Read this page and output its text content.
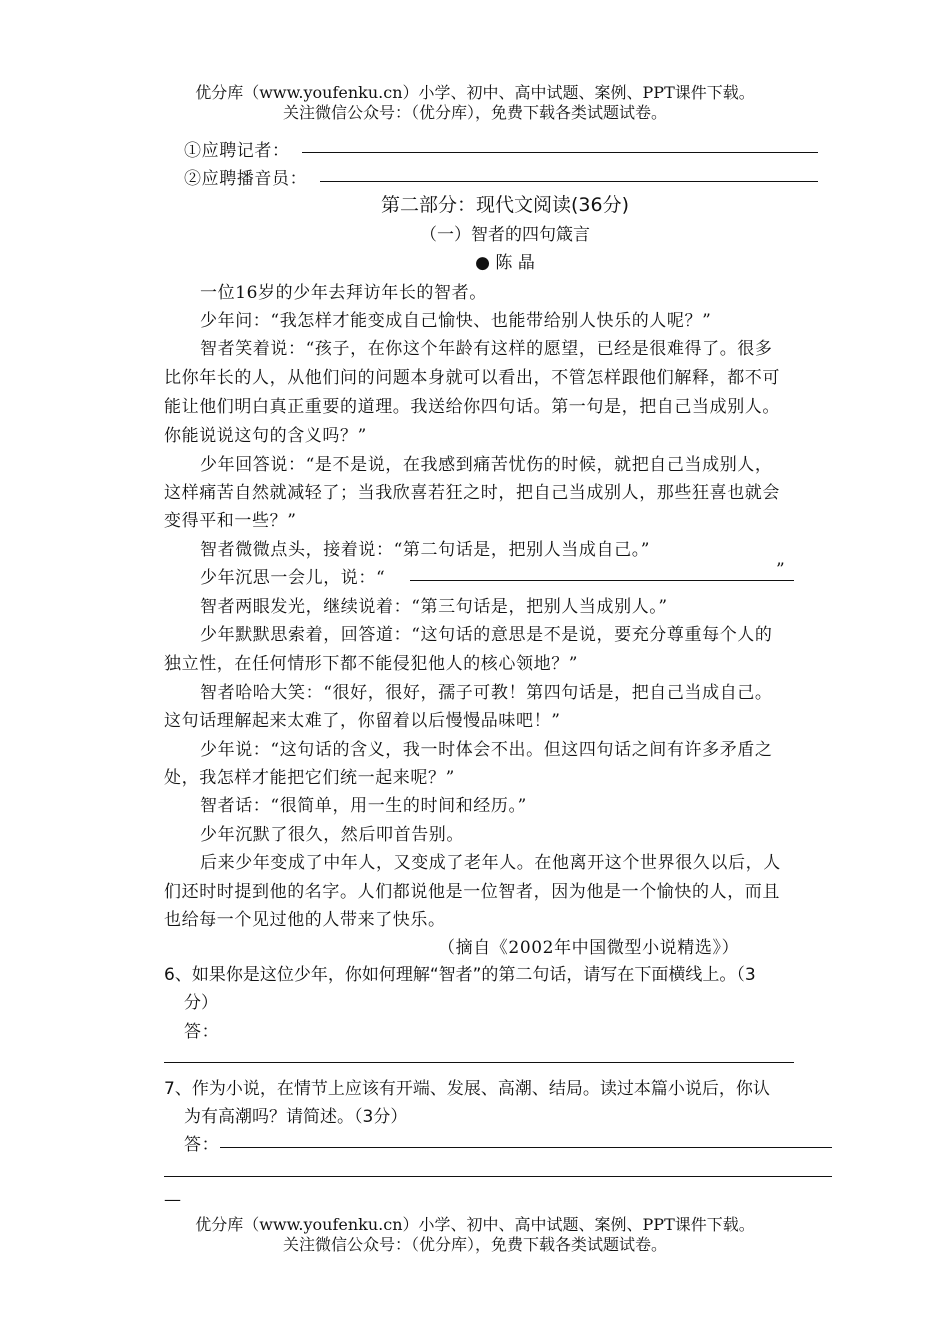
优分库（www.youfenku.cn）小学、初中、高中试题、案例、PPT课件下载。
关注微信公众号：（优分库），免费下载各类试题试卷。
①应聘记者：
②应聘播音员：
第二部分：现代文阅读(36分)
（一）智者的四句箴言
● 陈 晶
一位16岁的少年去拜访年长的智者。
少年问：“我怎样才能变成自己愉快、也能带给别人快乐的人呢？”
智者笑着说：“孩子，在你这个年龄有这样的愿望，已经是很难得了。很多
比你年长的人，从他们问的问题本身就可以看出，不管怎样跟他们解释，都不可
能让他们明白真正重要的道理。我送给你四句话。第一句是，把自己当成别人。
你能说说这句的含义吗？”
少年回答说：“是不是说，在我感到痛苦忧伤的时候，就把自己当成别人，
这样痛苦自然就减轻了；当我欣喜若狂之时，把自己当成别人，那些狂喜也就会
变得平和一些？”
智者微微点头，接着说：“第二句话是，把别人当成自己。”
少年沉思一会儿，说：“	”
智者两眼发光，继续说着：“第三句话是，把别人当成别人。”
少年默默思索着，回答道：“这句话的意思是不是说，要充分尊重每个人的
独立性，在任何情形下都不能侵犯他人的核心领地？”
智者哈哈大笑：“很好，很好，孺子可教！第四句话是，把自己当成自己。
这句话理解起来太难了，你留着以后慢慢品味吧！”
少年说：“这句话的含义，我一时体会不出。但这四句话之间有许多矛盾之
处，我怎样才能把它们统一起来呢？”
智者话：“很简单，用一生的时间和经历。”
少年沉默了很久，然后叩首告别。
后来少年变成了中年人，又变成了老年人。在他离开这个世界很久以后，人
们还时时提到他的名字。人们都说他是一位智者，因为他是一个愉快的人，而且
也给每一个见过他的人带来了快乐。
（摘自《2002年中国微型小说精选》）
6、如果你是这位少年，你如何理解“智者”的第二句话，请写在下面横线上。（3
分）
答：
7、作为小说，在情节上应该有开端、发展、高潮、结局。读过本篇小说后，你认
为有高潮吗？请简述。（3分）
答：
—
优分库（www.youfenku.cn）小学、初中、高中试题、案例、PPT课件下载。
关注微信公众号：（优分库），免费下载各类试题试卷。
